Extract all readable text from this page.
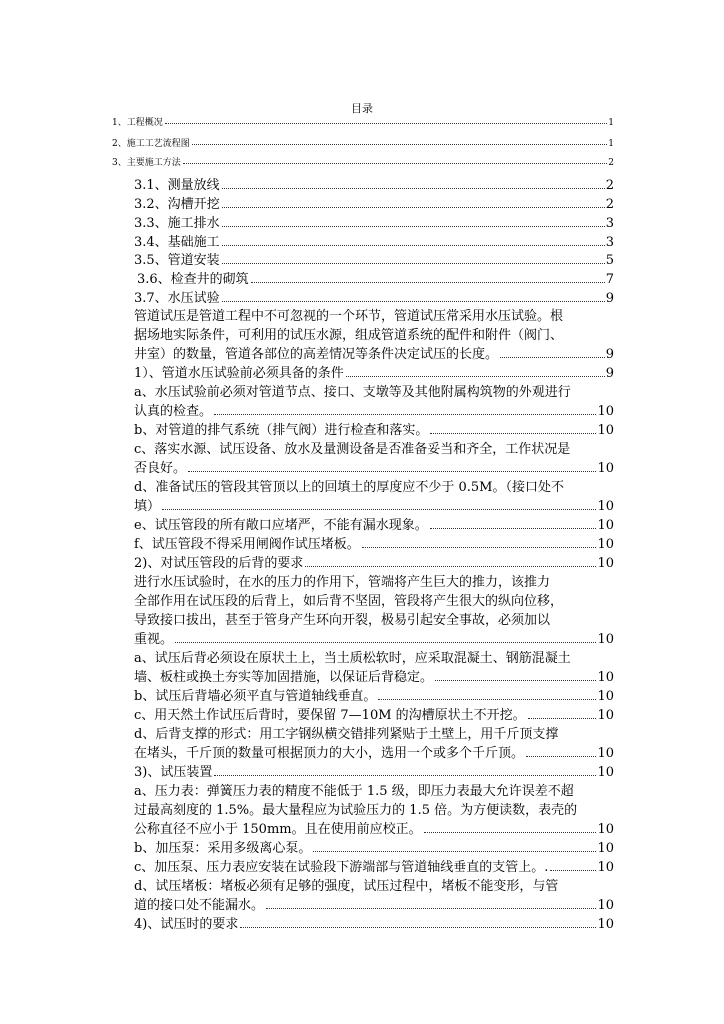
目录
1、工程概况	1
2、施工工艺流程图	1
3、主要施工方法	2
3.1、测量放线	2
3.2、沟槽开挖	2
3.3、施工排水	3
3.4、基础施工	3
3.5、管道安装	5
3.6、检查井的砌筑	7
3.7、水压试验	9
管道试压是管道工程中不可忽视的一个环节，管道试压常采用水压试验。根
据场地实际条件，可利用的试压水源，组成管道系统的配件和附件（阀门、
井室）的数量，管道各部位的高差情况等条件决定试压的长度。	9
1）、管道水压试验前必须具备的条件	9
a、水压试验前必须对管道节点、接口、支墩等及其他附属构筑物的外观进行
认真的检查。	10
b、对管道的排气系统（排气阀）进行检查和落实。	10
c、落实水源、试压设备、放水及量测设备是否准备妥当和齐全，工作状况是
否良好。	10
d、准备试压的管段其管顶以上的回填土的厚度应不少于 0.5M。（接口处不
填）	10
e、试压管段的所有敞口应堵严，不能有漏水现象。	10
f、试压管段不得采用闸阀作试压堵板。	10
2)、对试压管段的后背的要求	10
进行水压试验时，在水的压力的作用下，管端将产生巨大的推力，该推力
全部作用在试压段的后背上，如后背不坚固，管段将产生很大的纵向位移，
导致接口拔出，甚至于管身产生环向开裂，极易引起安全事故，必须加以
重视。	10
a、试压后背必须设在原状土上，当土质松软时，应采取混凝土、钢筋混凝土
墙、板柱或换土夯实等加固措施，以保证后背稳定。	10
b、试压后背墙必须平直与管道轴线垂直。	10
c、用天然土作试压后背时，要保留 7—10M 的沟槽原状土不开挖。	10
d、后背支撑的形式：用工字钢纵横交错排列紧贴于土壁上，用千斤顶支撑
在堵头，千斤顶的数量可根据顶力的大小，选用一个或多个千斤顶。	10
3)、试压装置	10
a、压力表：弹簧压力表的精度不能低于 1.5 级，即压力表最大允许误差不超
过最高刻度的 1.5%。最大量程应为试验压力的 1.5 倍。为方便读数，表壳的
公称直径不应小于 150mm。且在使用前应校正。	10
b、加压泵：采用多级离心泵。	10
c、加压泵、压力表应安装在试验段下游端部与管道轴线垂直的支管上。.	10
d、试压堵板：堵板必须有足够的强度，试压过程中，堵板不能变形，与管
道的接口处不能漏水。	10
4)、试压时的要求	10
